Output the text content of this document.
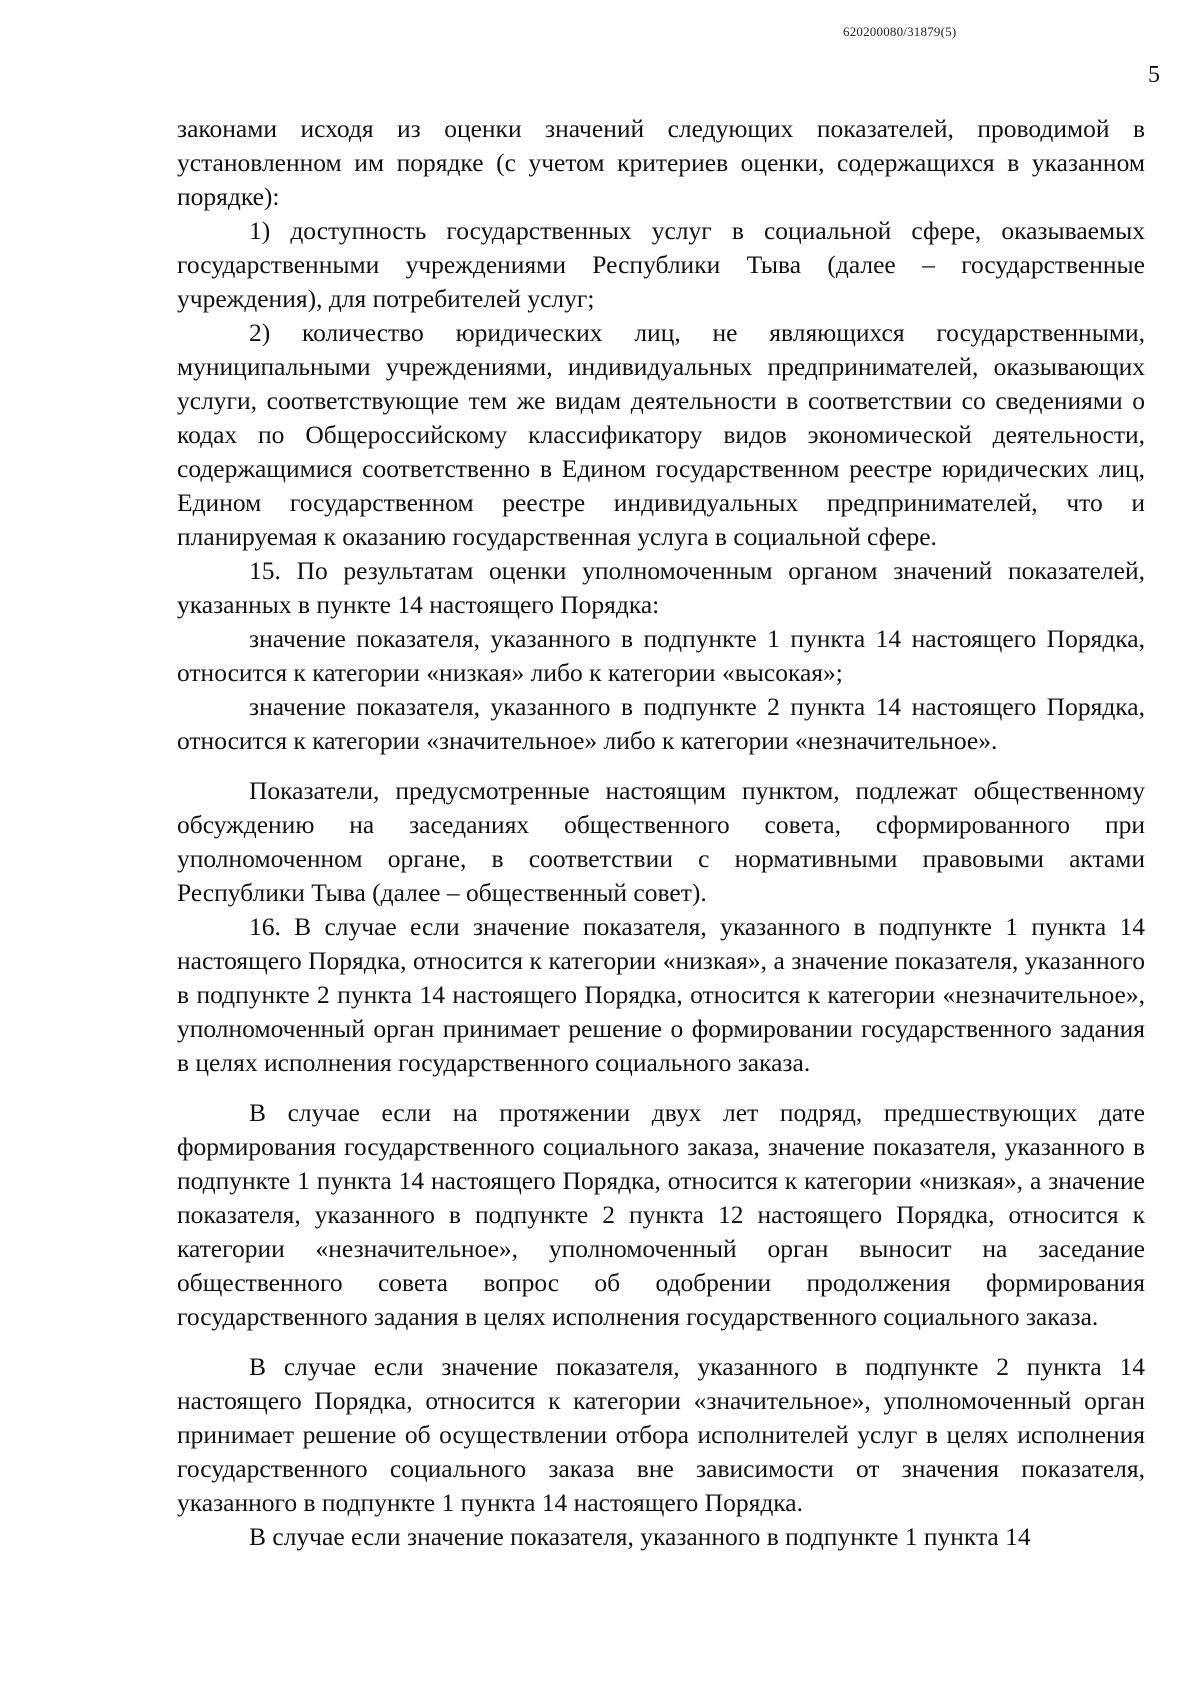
620200080/31879(5)
5

законами исходя из оценки значений следующих показателей, проводимой в установленном им порядке (с учетом критериев оценки, содержащихся в указанном порядке):

1) доступность государственных услуг в социальной сфере, оказываемых государственными учреждениями Республики Тыва (далее – государственные учреждения), для потребителей услуг;

2) количество юридических лиц, не являющихся государственными, муниципальными учреждениями, индивидуальных предпринимателей, оказывающих услуги, соответствующие тем же видам деятельности в соответствии со сведениями о кодах по Общероссийскому классификатору видов экономической деятельности, содержащимися соответственно в Едином государственном реестре юридических лиц, Едином государственном реестре индивидуальных предпринимателей, что и планируемая к оказанию государственная услуга в социальной сфере.

15. По результатам оценки уполномоченным органом значений показателей, указанных в пункте 14 настоящего Порядка:

значение показателя, указанного в подпункте 1 пункта 14 настоящего Порядка, относится к категории «низкая» либо к категории «высокая»;

значение показателя, указанного в подпункте 2 пункта 14 настоящего Порядка, относится к категории «значительное» либо к категории «незначительное».

Показатели, предусмотренные настоящим пунктом, подлежат общественному обсуждению на заседаниях общественного совета, сформированного при уполномоченном органе, в соответствии с нормативными правовыми актами Республики Тыва (далее – общественный совет).

16. В случае если значение показателя, указанного в подпункте 1 пункта 14 настоящего Порядка, относится к категории «низкая», а значение показателя, указанного в подпункте 2 пункта 14 настоящего Порядка, относится к категории «незначительное», уполномоченный орган принимает решение о формировании государственного задания в целях исполнения государственного социального заказа.

В случае если на протяжении двух лет подряд, предшествующих дате формирования государственного социального заказа, значение показателя, указанного в подпункте 1 пункта 14 настоящего Порядка, относится к категории «низкая», а значение показателя, указанного в подпункте 2 пункта 12 настоящего Порядка, относится к категории «незначительное», уполномоченный орган выносит на заседание общественного совета вопрос об одобрении продолжения формирования государственного задания в целях исполнения государственного социального заказа.

В случае если значение показателя, указанного в подпункте 2 пункта 14 настоящего Порядка, относится к категории «значительное», уполномоченный орган принимает решение об осуществлении отбора исполнителей услуг в целях исполнения государственного социального заказа вне зависимости от значения показателя, указанного в подпункте 1 пункта 14 настоящего Порядка.

В случае если значение показателя, указанного в подпункте 1 пункта 14
